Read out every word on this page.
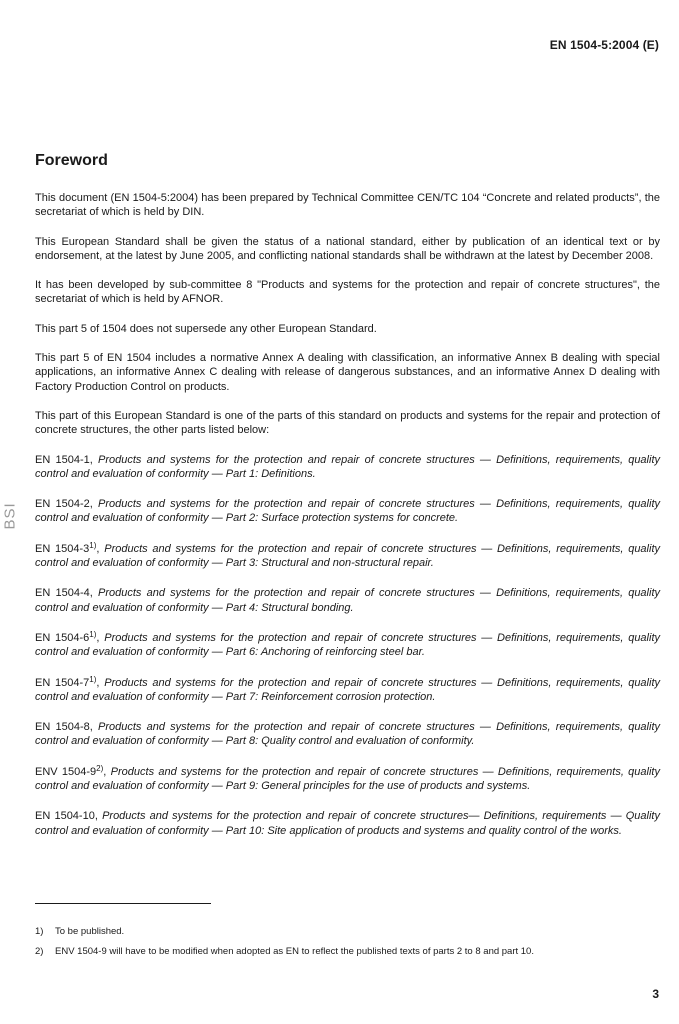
EN 1504-5:2004 (E)
BSI
Foreword

This document (EN 1504-5:2004) has been prepared by Technical Committee CEN/TC 104 “Concrete and related products”, the secretariat of which is held by DIN.

This European Standard shall be given the status of a national standard, either by publication of an identical text or by endorsement, at the latest by June 2005, and conflicting national standards shall be withdrawn at the latest by December 2008.

It has been developed by sub-committee 8 "Products and systems for the protection and repair of concrete structures", the secretariat of which is held by AFNOR.

This part 5 of 1504 does not supersede any other European Standard.

This part 5 of EN 1504 includes a normative Annex A dealing with classification, an informative Annex B dealing with special applications, an informative Annex C dealing with release of dangerous substances, and an informative Annex D dealing with Factory Production Control on products.

This part of this European Standard is one of the parts of this standard on products and systems for the repair and protection of concrete structures, the other parts listed below:

EN 1504-1, Products and systems for the protection and repair of concrete structures — Definitions, requirements, quality control and evaluation of conformity — Part 1: Definitions.

EN 1504-2, Products and systems for the protection and repair of concrete structures — Definitions, requirements, quality control and evaluation of conformity — Part 2: Surface protection systems for concrete.

EN 1504-3$^{1)}$, Products and systems for the protection and repair of concrete structures — Definitions, requirements, quality control and evaluation of conformity — Part 3: Structural and non-structural repair.

EN 1504-4, Products and systems for the protection and repair of concrete structures — Definitions, requirements, quality control and evaluation of conformity — Part 4: Structural bonding.

EN 1504-6$^{1)}$, Products and systems for the protection and repair of concrete structures — Definitions, requirements, quality control and evaluation of conformity — Part 6: Anchoring of reinforcing steel bar.

EN 1504-7$^{1)}$, Products and systems for the protection and repair of concrete structures — Definitions, requirements, quality control and evaluation of conformity — Part 7: Reinforcement corrosion protection.

EN 1504-8, Products and systems for the protection and repair of concrete structures — Definitions, requirements, quality control and evaluation of conformity — Part 8: Quality control and evaluation of conformity.

ENV 1504-9$^{2)}$, Products and systems for the protection and repair of concrete structures — Definitions, requirements, quality control and evaluation of conformity — Part 9: General principles for the use of products and systems.

EN 1504-10, Products and systems for the protection and repair of concrete structures— Definitions, requirements — Quality control and evaluation of conformity — Part 10: Site application of products and systems and quality control of the works.

1)	To be published.
2)	ENV 1504-9 will have to be modified when adopted as EN to reflect the published texts of parts 2 to 8 and part 10.
3
